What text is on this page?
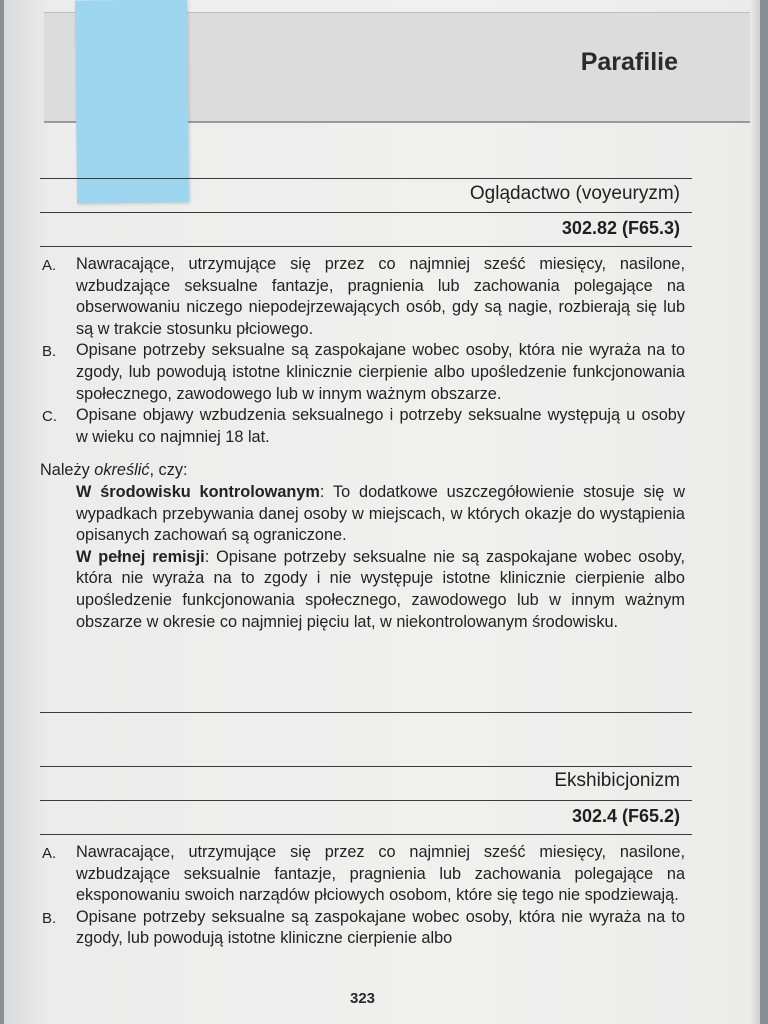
Parafilie
Oglądactwo (voyeuryzm)
302.82 (F65.3)
A. Nawracające, utrzymujące się przez co najmniej sześć miesięcy, nasilone, wzbudzające seksualne fantazje, pragnienia lub zachowania polegające na obserwowaniu niczego niepodejrzewających osób, gdy są nagie, rozbierają się lub są w trakcie stosunku płciowego.
B. Opisane potrzeby seksualne są zaspokajane wobec osoby, która nie wyraża na to zgody, lub powodują istotne klinicznie cierpienie albo upośledzenie funkcjonowania społecznego, zawodowego lub w innym ważnym obszarze.
C. Opisane objawy wzbudzenia seksualnego i potrzeby seksualne występują u osoby w wieku co najmniej 18 lat.
Należy określić, czy:
W środowisku kontrolowanym: To dodatkowe uszczegółowienie stosuje się w wypadkach przebywania danej osoby w miejscach, w których okazje do wystąpienia opisanych zachowań są ograniczone.
W pełnej remisji: Opisane potrzeby seksualne nie są zaspokajane wobec osoby, która nie wyraża na to zgody i nie występuje istotne klinicznie cierpienie albo upośledzenie funkcjonowania społecznego, zawodowego lub w innym ważnym obszarze w okresie co najmniej pięciu lat, w niekontrolowanym środowisku.
Ekshibicjonizm
302.4 (F65.2)
A. Nawracające, utrzymujące się przez co najmniej sześć miesięcy, nasilone, wzbudzające seksualnie fantazje, pragnienia lub zachowania polegające na eksponowaniu swoich narządów płciowych osobom, które się tego nie spodziewają.
B. Opisane potrzeby seksualne są zaspokajane wobec osoby, która nie wyraża na to zgody, lub powodują istotne kliniczne cierpienie albo
323
